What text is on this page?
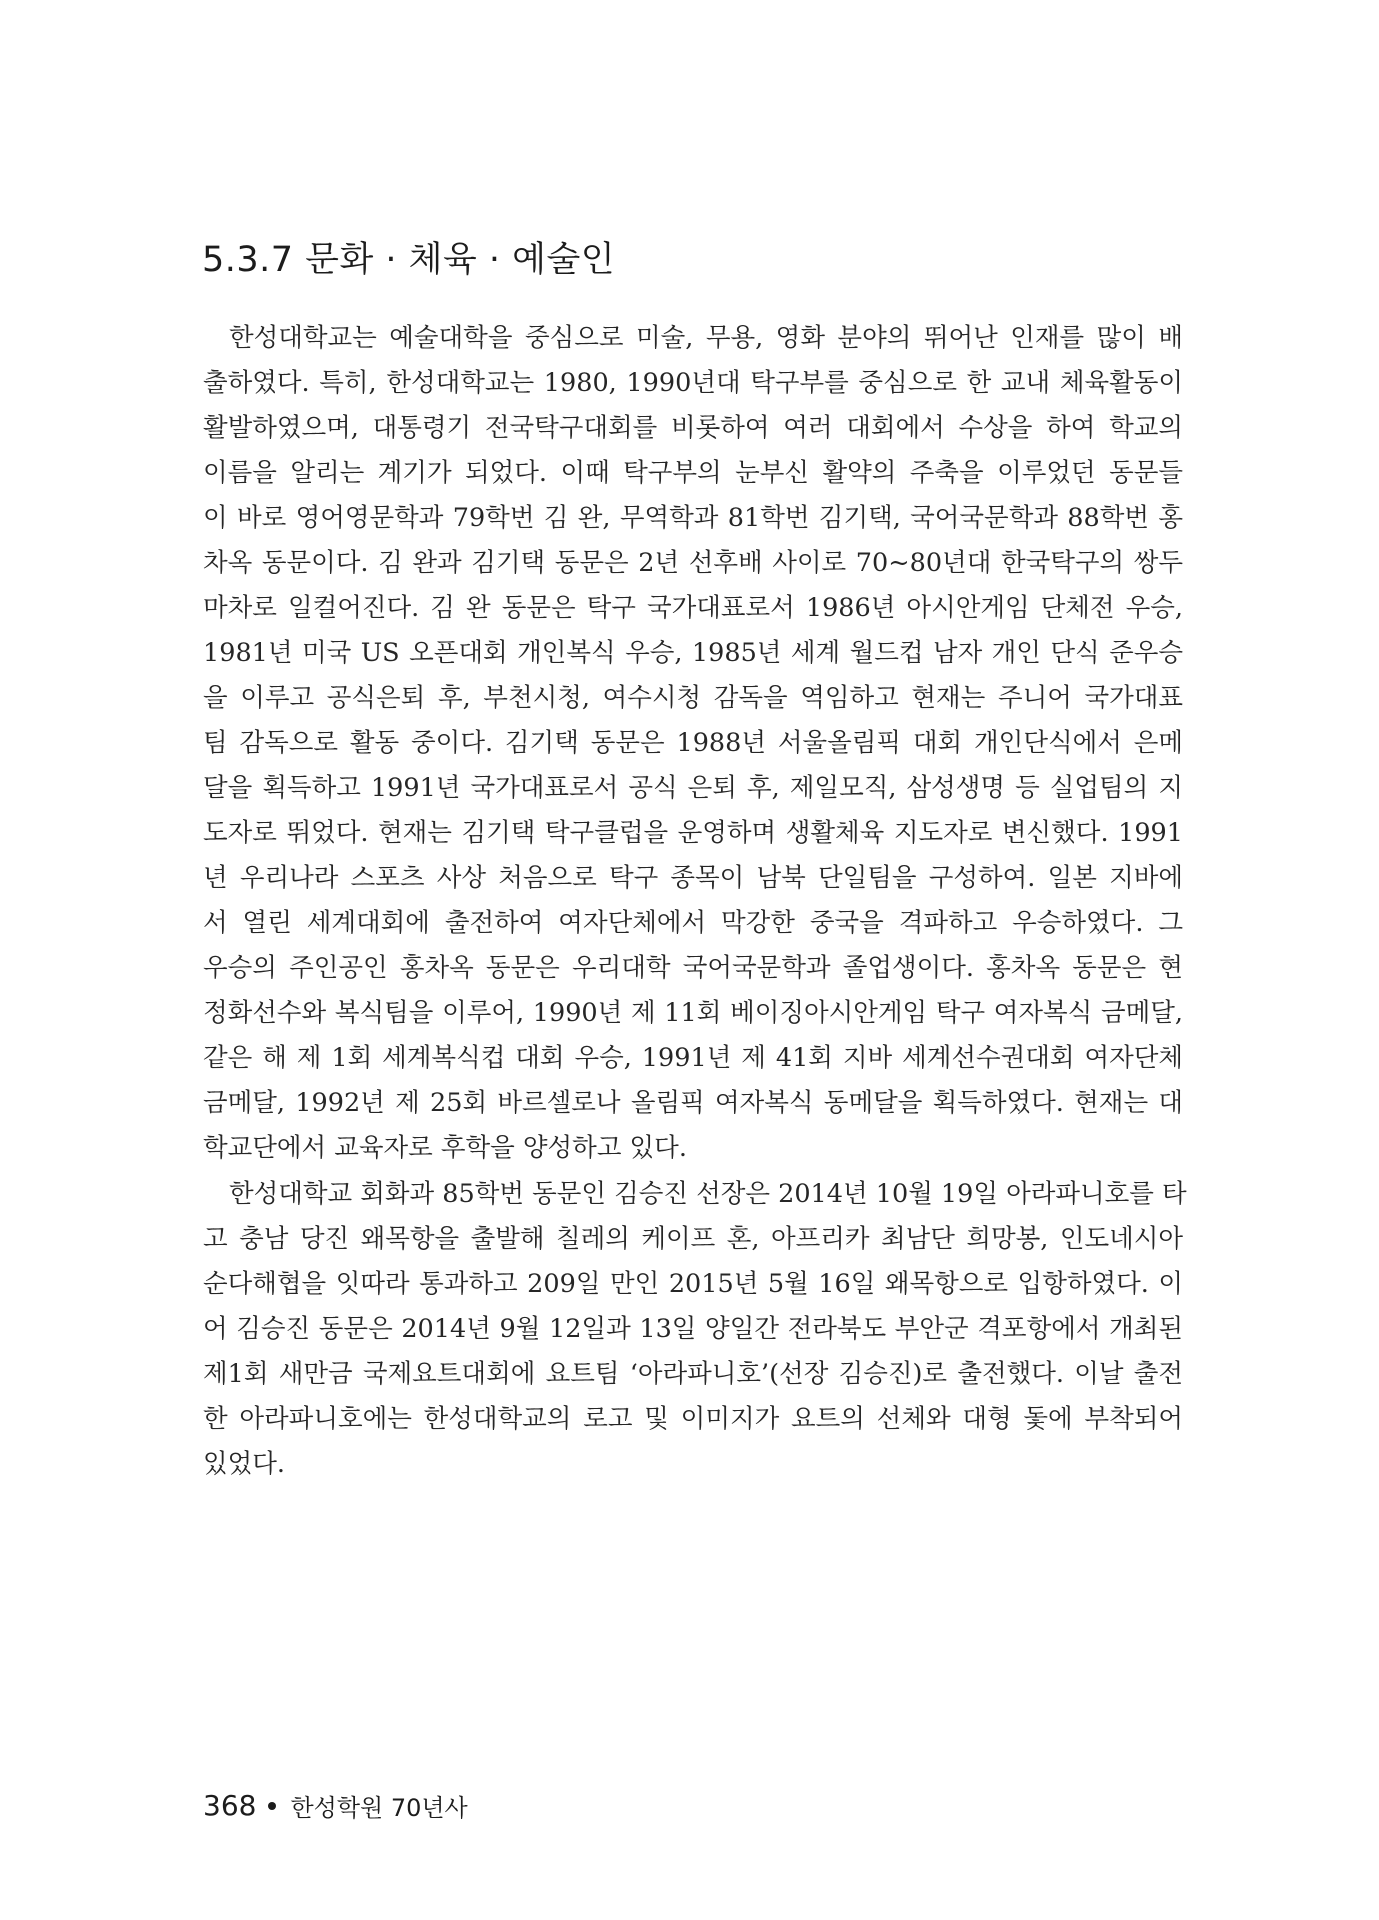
5.3.7 문화 · 체육 · 예술인
한성대학교는 예술대학을 중심으로 미술, 무용, 영화 분야의 뛰어난 인재를 많이 배
출하였다. 특히, 한성대학교는 1980, 1990년대 탁구부를 중심으로 한 교내 체육활동이
활발하였으며, 대통령기 전국탁구대회를 비롯하여 여러 대회에서 수상을 하여 학교의
이름을 알리는 계기가 되었다. 이때 탁구부의 눈부신 활약의 주축을 이루었던 동문들
이 바로 영어영문학과 79학번 김 완, 무역학과 81학번 김기택, 국어국문학과 88학번 홍
차옥 동문이다. 김 완과 김기택 동문은 2년 선후배 사이로 70~80년대 한국탁구의 쌍두
마차로 일컬어진다. 김 완 동문은 탁구 국가대표로서 1986년 아시안게임 단체전 우승,
1981년 미국 US 오픈대회 개인복식 우승, 1985년 세계 월드컵 남자 개인 단식 준우승
을 이루고 공식은퇴 후, 부천시청, 여수시청 감독을 역임하고 현재는 주니어 국가대표
팀 감독으로 활동 중이다. 김기택 동문은 1988년 서울올림픽 대회 개인단식에서 은메
달을 획득하고 1991년 국가대표로서 공식 은퇴 후, 제일모직, 삼성생명 등 실업팀의 지
도자로 뛰었다. 현재는 김기택 탁구클럽을 운영하며 생활체육 지도자로 변신했다. 1991
년 우리나라 스포츠 사상 처음으로 탁구 종목이 남북 단일팀을 구성하여. 일본 지바에
서 열린 세계대회에 출전하여 여자단체에서 막강한 중국을 격파하고 우승하였다. 그
우승의 주인공인 홍차옥 동문은 우리대학 국어국문학과 졸업생이다. 홍차옥 동문은 현
정화선수와 복식팀을 이루어, 1990년 제 11회 베이징아시안게임 탁구 여자복식 금메달,
같은 해 제 1회 세계복식컵 대회 우승, 1991년 제 41회 지바 세계선수권대회 여자단체
금메달, 1992년 제 25회 바르셀로나 올림픽 여자복식 동메달을 획득하였다. 현재는 대
학교단에서 교육자로 후학을 양성하고 있다.
한성대학교 회화과 85학번 동문인 김승진 선장은 2014년 10월 19일 아라파니호를 타
고 충남 당진 왜목항을 출발해 칠레의 케이프 혼, 아프리카 최남단 희망봉, 인도네시아
순다해협을 잇따라 통과하고 209일 만인 2015년 5월 16일 왜목항으로 입항하였다. 이
어 김승진 동문은 2014년 9월 12일과 13일 양일간 전라북도 부안군 격포항에서 개최된
제1회 새만금 국제요트대회에 요트팀 ‘아라파니호’(선장 김승진)로 출전했다. 이날 출전
한 아라파니호에는 한성대학교의 로고 및 이미지가 요트의 선체와 대형 돛에 부착되어
있었다.
368 한성학원 70년사
